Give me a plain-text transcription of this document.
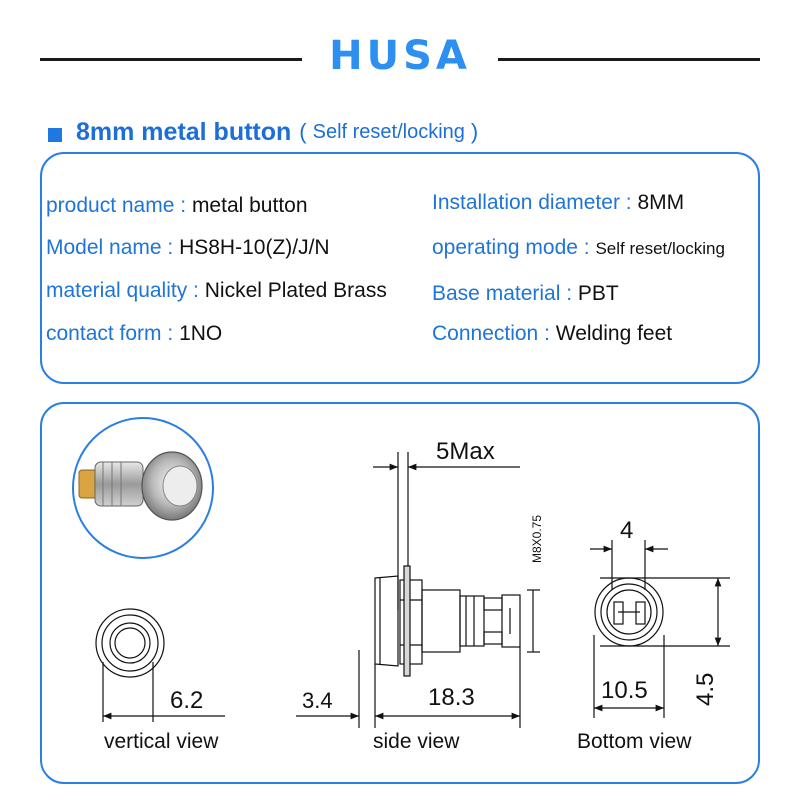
HUSA
8mm metal button ( Self reset/locking )
product name : metal button
Model name : HS8H-10(Z)/J/N
material quality : Nickel Plated Brass
contact form : 1NO
Installation diameter : 8MM
operating mode : Self reset/locking
Base material : PBT
Connection : Welding feet
5Max
M8X0.75	4
6.2	3.4	18.3	10.5 4.5
vertical view	side view	Bottom view
